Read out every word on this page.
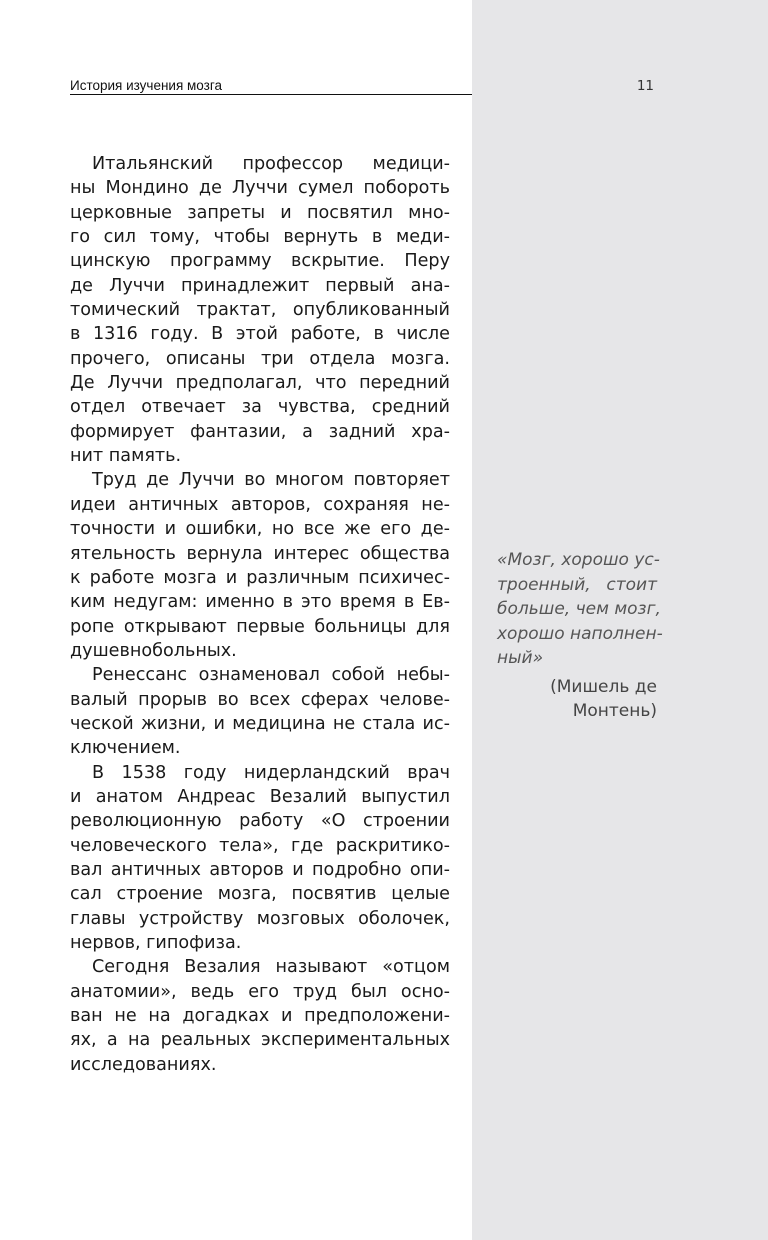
История изучения мозга	11

Итальянский профессор медици-
ны Мондино де Луччи сумел побороть
церковные запреты и посвятил мно-
го сил тому, чтобы вернуть в меди-
цинскую программу вскрытие. Перу
де Луччи принадлежит первый ана-
томический трактат, опубликованный
в 1316 году. В этой работе, в числе
прочего, описаны три отдела мозга.
Де Луччи предполагал, что передний
отдел отвечает за чувства, средний
формирует фантазии, а задний хра-
нит память.

Труд де Луччи во многом повторяет
идеи античных авторов, сохраняя не-
точности и ошибки, но все же его де-
ятельность вернула интерес общества
к работе мозга и различным психичес-
ким недугам: именно в это время в Ев-
ропе открывают первые больницы для
душевнобольных.

Ренессанс ознаменовал собой небы-
валый прорыв во всех сферах челове-
ческой жизни, и медицина не стала ис-
ключением.

В 1538 году нидерландский врач
и анатом Андреас Везалий выпустил
революционную работу «О строении
человеческого тела», где раскритико-
вал античных авторов и подробно опи-
сал строение мозга, посвятив целые
главы устройству мозговых оболочек,
нервов, гипофиза.

Сегодня Везалия называют «отцом
анатомии», ведь его труд был осно-
ван не на догадках и предположени-
ях, а на реальных экспериментальных
исследованиях.

«Мозг, хорошо ус-
троенный, стоит
больше, чем мозг,
хорошо наполнен-
ный»
(Мишель де
Монтень)
